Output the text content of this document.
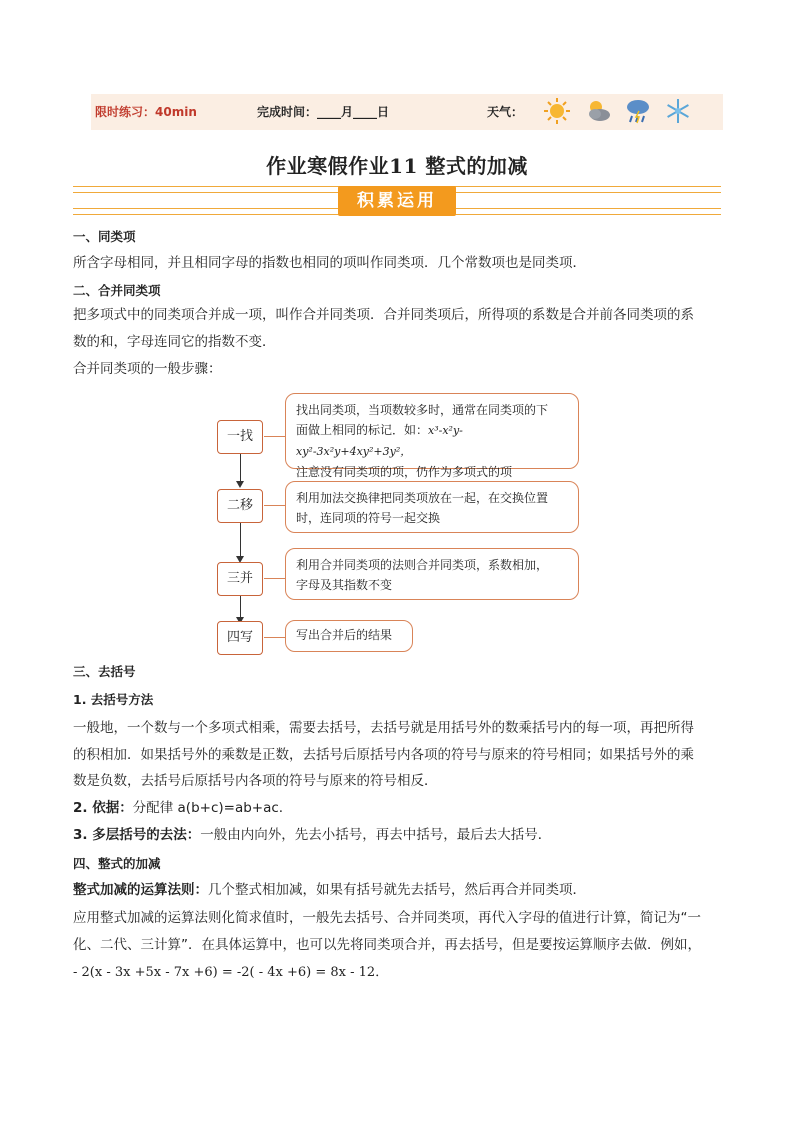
限时练习：40min	完成时间：____月____日	天气：
作业寒假作业11 整式的加减
积累运用
一、同类项
所含字母相同，并且相同字母的指数也相同的项叫作同类项．几个常数项也是同类项．
二、合并同类项
把多项式中的同类项合并成一项，叫作合并同类项．合并同类项后，所得项的系数是合并前各同类项的系
数的和，字母连同它的指数不变．
合并同类项的一般步骤：
一找
二移
三并
四写
找出同类项，当项数较多时，通常在同类项的下
面做上相同的标记．如：x³-x²y-xy²-3x²y+4xy²+3y²，
注意没有同类项的项，仍作为多项式的项
利用加法交换律把同类项放在一起，在交换位置
时，连同项的符号一起交换
利用合并同类项的法则合并同类项，系数相加，
字母及其指数不变
写出合并后的结果
三、去括号
1. 去括号方法
一般地，一个数与一个多项式相乘，需要去括号，去括号就是用括号外的数乘括号内的每一项，再把所得
的积相加．如果括号外的乘数是正数，去括号后原括号内各项的符号与原来的符号相同；如果括号外的乘
数是负数，去括号后原括号内各项的符号与原来的符号相反．
2. 依据：分配律 a(b+c)=ab+ac.
3. 多层括号的去法：一般由内向外，先去小括号，再去中括号，最后去大括号．
四、整式的加减
整式加减的运算法则：几个整式相加减，如果有括号就先去括号，然后再合并同类项．
应用整式加减的运算法则化简求值时，一般先去括号、合并同类项，再代入字母的值进行计算，简记为“一
化、二代、三计算”．在具体运算中，也可以先将同类项合并，再去括号，但是要按运算顺序去做．例如，
- 2(x - 3x +5x - 7x +6) = -2( - 4x +6) = 8x - 12．
